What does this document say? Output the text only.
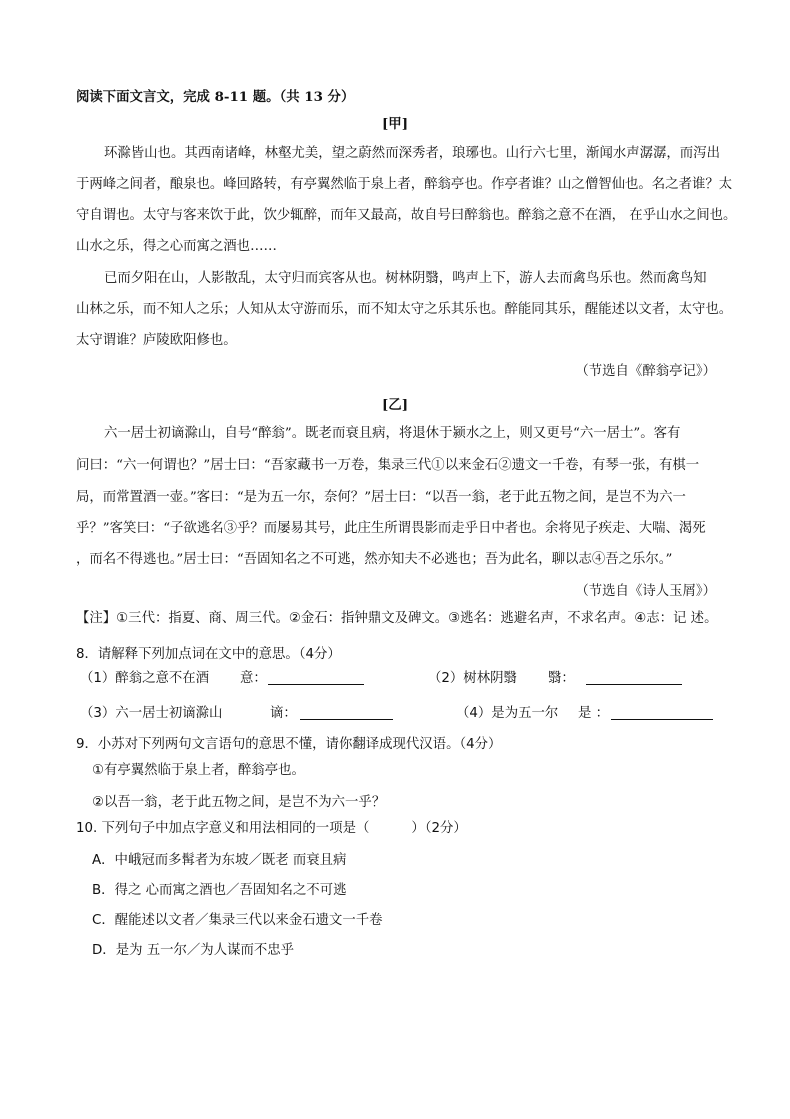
阅读下面文言文，完成 8-11 题。（共 13 分）
[甲]
环滁皆山也。其西南诸峰，林壑尤美，望之蔚然而深秀者，琅琊也。山行六七里，渐闻水声潺潺，而泻出
于两峰之间者，酿泉也。峰回路转，有亭翼然临于泉上者，醉翁亭也。作亭者谁？山之僧智仙也。名之者谁？太
守自谓也。太守与客来饮于此，饮少辄醉，而年又最高，故自号曰醉翁也。醉翁之意不在酒， 在乎山水之间也。
山水之乐，得之心而寓之酒也……
已而夕阳在山，人影散乱，太守归而宾客从也。树林阴翳，鸣声上下，游人去而禽鸟乐也。然而禽鸟知
山林之乐，而不知人之乐；人知从太守游而乐，而不知太守之乐其乐也。醉能同其乐，醒能述以文者，太守也。
太守谓谁？庐陵欧阳修也。
（节选自《醉翁亭记》）
[乙]
六一居士初谪滁山，自号“醉翁”。既老而衰且病，将退休于颍水之上，则又更号“六一居士”。客有
问曰：“六一何谓也？”居士曰：“吾家藏书一万卷，集录三代①以来金石②遗文一千卷，有琴一张，有棋一
局，而常置酒一壶。”客曰：“是为五一尔，奈何？”居士曰：“以吾一翁，老于此五物之间，是岂不为六一
乎？”客笑曰：“子欲逃名③乎？而屡易其号，此庄生所谓畏影而走乎日中者也。余将见子疾走、大喘、渴死
，而名不得逃也。”居士曰：“吾固知名之不可逃，然亦知夫不必逃也；吾为此名，聊以志④吾之乐尔。”
（节选自《诗人玉屑》）
【注】①三代：指夏、商、周三代。②金石：指钟鼎文及碑文。③逃名：逃避名声，不求名声。④志：记 述。
8．请解释下列加点词在文中的意思。（4分）
（1）醉翁之意不在酒 意：	（2）树林阴翳 翳：
（3）六一居士初谪滁山	谪：	（4）是为五一尔 是 ：
9．小苏对下列两句文言语句的意思不懂，请你翻译成现代汉语。（4分）
①有亭翼然临于泉上者，醉翁亭也。
②以吾一翁，老于此五物之间，是岂不为六一乎？
10. 下列句子中加点字意义和用法相同的一项是（	）（2分）
A．中峨冠而多髯者为东坡／既老 而衰且病
B．得之 心而寓之酒也／吾固知名之不可逃
C．醒能述以文者／集录三代以来金石遗文一千卷
D．是为 五一尔／为人谋而不忠乎
